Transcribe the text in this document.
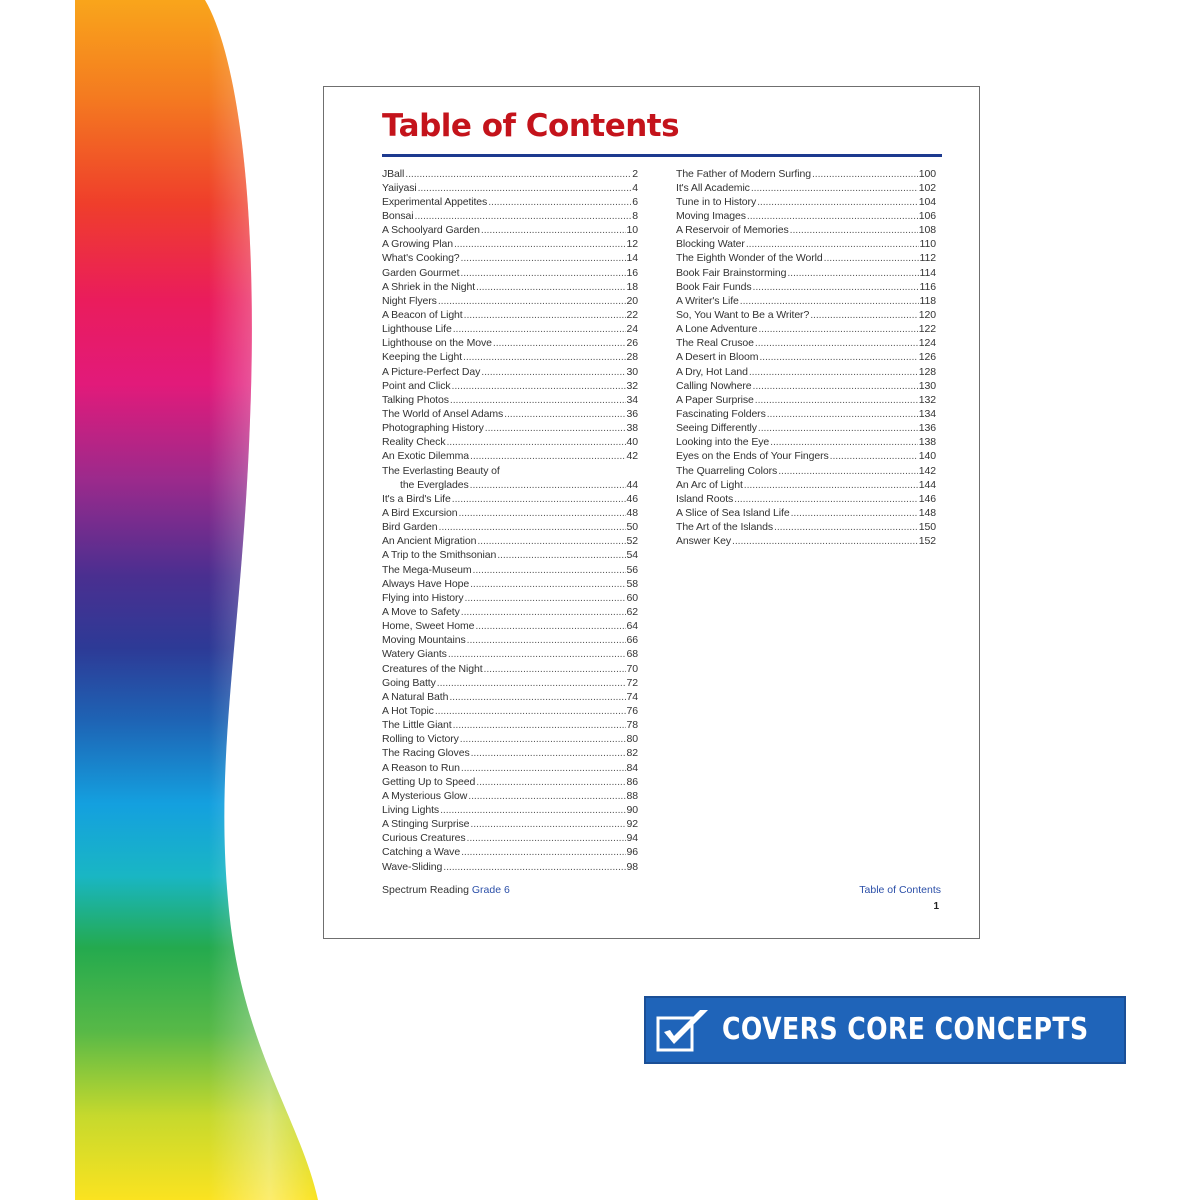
Table of Contents
JBall .....	2
Yaiiyasi .....	4
Experimental Appetites .....	6
Bonsai .....	8
A Schoolyard Garden .....	10
A Growing Plan .....	12
What's Cooking? .....	14
Garden Gourmet .....	16
A Shriek in the Night .....	18
Night Flyers .....	20
A Beacon of Light .....	22
Lighthouse Life .....	24
Lighthouse on the Move .....	26
Keeping the Light .....	28
A Picture-Perfect Day .....	30
Point and Click .....	32
Talking Photos .....	34
The World of Ansel Adams .....	36
Photographing History .....	38
Reality Check .....	40
An Exotic Dilemma .....	42
The Everlasting Beauty of
the Everglades .....	44
It's a Bird's Life .....	46
A Bird Excursion .....	48
Bird Garden .....	50
An Ancient Migration .....	52
A Trip to the Smithsonian .....	54
The Mega-Museum .....	56
Always Have Hope .....	58
Flying into History .....	60
A Move to Safety .....	62
Home, Sweet Home .....	64
Moving Mountains .....	66
Watery Giants .....	68
Creatures of the Night .....	70
Going Batty .....	72
A Natural Bath .....	74
A Hot Topic .....	76
The Little Giant .....	78
Rolling to Victory .....	80
The Racing Gloves .....	82
A Reason to Run .....	84
Getting Up to Speed .....	86
A Mysterious Glow .....	88
Living Lights .....	90
A Stinging Surprise .....	92
Curious Creatures .....	94
Catching a Wave .....	96
Wave-Sliding .....	98
The Father of Modern Surfing .....	100
It's All Academic .....	102
Tune in to History .....	104
Moving Images .....	106
A Reservoir of Memories .....	108
Blocking Water .....	110
The Eighth Wonder of the World .....	112
Book Fair Brainstorming .....	114
Book Fair Funds .....	116
A Writer's Life .....	118
So, You Want to Be a Writer? .....	120
A Lone Adventure .....	122
The Real Crusoe .....	124
A Desert in Bloom .....	126
A Dry, Hot Land .....	128
Calling Nowhere .....	130
A Paper Surprise .....	132
Fascinating Folders .....	134
Seeing Differently .....	136
Looking into the Eye .....	138
Eyes on the Ends of Your Fingers .....	140
The Quarreling Colors .....	142
An Arc of Light .....	144
Island Roots .....	146
A Slice of Sea Island Life .....	148
The Art of the Islands .....	150
Answer Key .....	152
Spectrum Reading Grade 6	Table of Contents
1
COVERS CORE CONCEPTS
